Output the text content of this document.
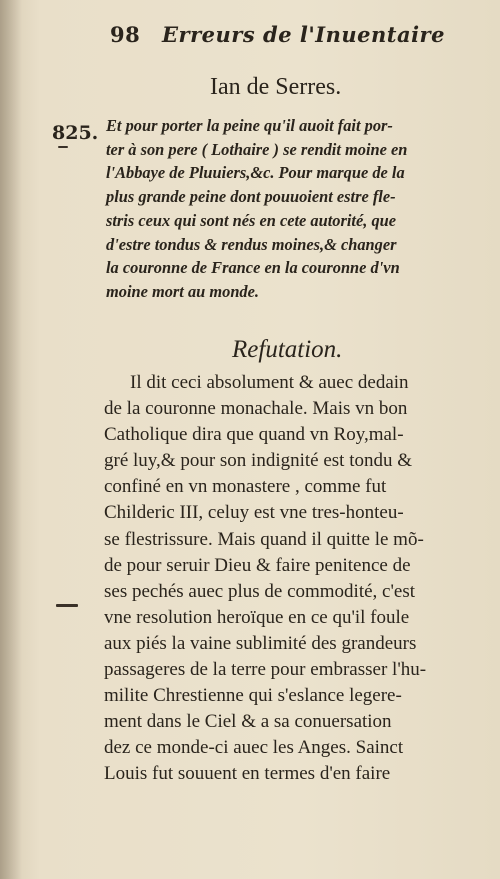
98 Erreurs de l'Inuentaire
Ian de Serres.
825. Et pour porter la peine qu'il auoit fait por-
ter à son pere ( Lothaire ) se rendit moine en
l'Abbaye de Pluuiers,&c. Pour marque de la
plus grande peine dont pouuoient estre fle-
stris ceux qui sont nés en cete autorité, que
d'estre tondus & rendus moines,& changer
la couronne de France en la couronne d'vn
moine mort au monde.
Refutation.
Il dit ceci absolument & auec dedain
de la couronne monachale. Mais vn bon
Catholique dira que quand vn Roy,mal-
gré luy,& pour son indignité est tondu &
confiné en vn monastere , comme fut
Childeric III, celuy est vne tres-honteu-
se flestrissure. Mais quand il quitte le mõ-
de pour seruir Dieu & faire penitence de
ses pechés auec plus de commodité, c'est
vne resolution heroïque en ce qu'il foule
aux piés la vaine sublimité des grandeurs
passageres de la terre pour embrasser l'hu-
milite Chrestienne qui s'eslance legere-
ment dans le Ciel & a sa conuersation
dez ce monde-ci auec les Anges. Sainct
Louis fut souuent en termes d'en faire
